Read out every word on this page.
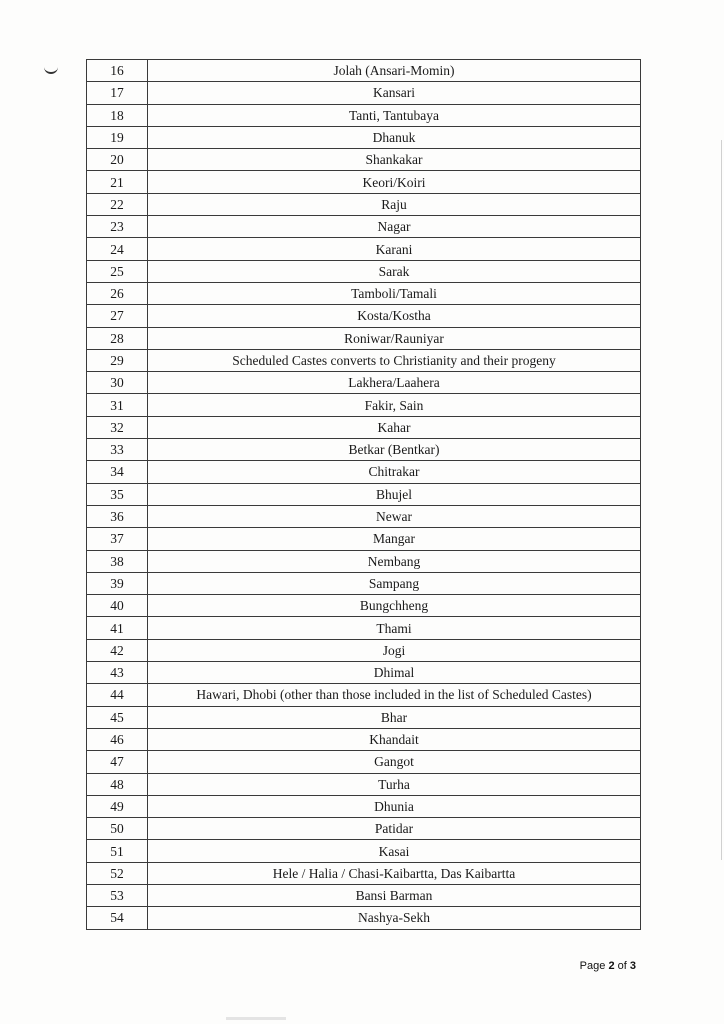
16	Jolah (Ansari-Momin)
17	Kansari
18	Tanti, Tantubaya
19	Dhanuk
20	Shankakar
21	Keori/Koiri
22	Raju
23	Nagar
24	Karani
25	Sarak
26	Tamboli/Tamali
27	Kosta/Kostha
28	Roniwar/Rauniyar
29	Scheduled Castes converts to Christianity and their progeny
30	Lakhera/Laahera
31	Fakir, Sain
32	Kahar
33	Betkar (Bentkar)
34	Chitrakar
35	Bhujel
36	Newar
37	Mangar
38	Nembang
39	Sampang
40	Bungchheng
41	Thami
42	Jogi
43	Dhimal
44	Hawari, Dhobi (other than those included in the list of Scheduled Castes)
45	Bhar
46	Khandait
47	Gangot
48	Turha
49	Dhunia
50	Patidar
51	Kasai
52	Hele / Halia / Chasi-Kaibartta, Das Kaibartta
53	Bansi Barman
54	Nashya-Sekh
Page 2 of 3
